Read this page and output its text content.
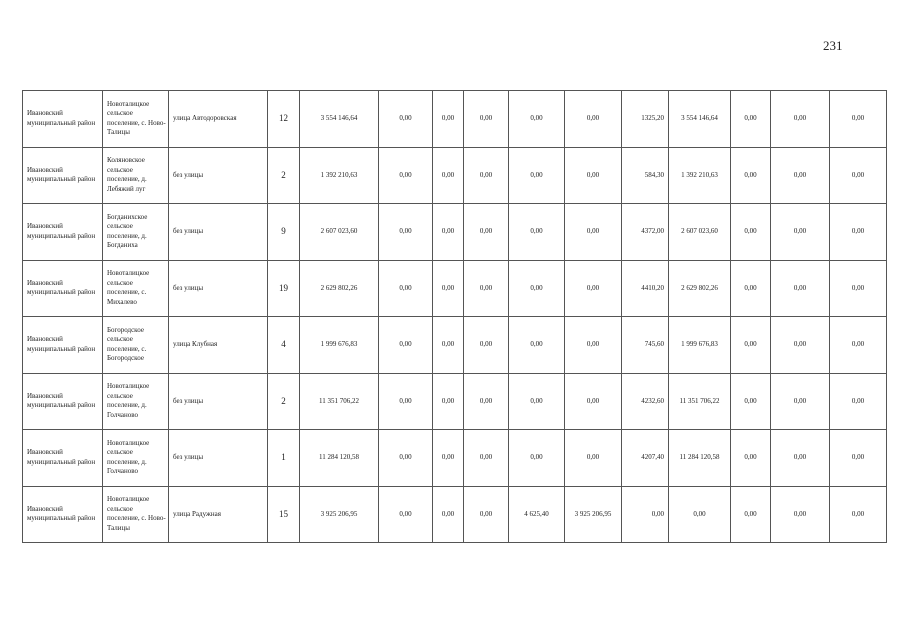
231
Ивановский муниципальный район	Новоталицкое сельское поселение, с. Ново-Талицы	улица Автодоровская	12	3 554 146,64	0,00	0,00	0,00	0,00	0,00	1325,20	3 554 146,64	0,00	0,00	0,00
Ивановский муниципальный район	Коляновское сельское поселение, д. Лебяжий луг	без улицы	2	1 392 210,63	0,00	0,00	0,00	0,00	0,00	584,30	1 392 210,63	0,00	0,00	0,00
Ивановский муниципальный район	Богданихское сельское поселение, д. Богданиха	без улицы	9	2 607 023,60	0,00	0,00	0,00	0,00	0,00	4372,00	2 607 023,60	0,00	0,00	0,00
Ивановский муниципальный район	Новоталицкое сельское поселение, с. Михалево	без улицы	19	2 629 802,26	0,00	0,00	0,00	0,00	0,00	4410,20	2 629 802,26	0,00	0,00	0,00
Ивановский муниципальный район	Богородское сельское поселение, с. Богородское	улица Клубная	4	1 999 676,83	0,00	0,00	0,00	0,00	0,00	745,60	1 999 676,83	0,00	0,00	0,00
Ивановский муниципальный район	Новоталицкое сельское поселение, д. Голчаново	без улицы	2	11 351 706,22	0,00	0,00	0,00	0,00	0,00	4232,60	11 351 706,22	0,00	0,00	0,00
Ивановский муниципальный район	Новоталицкое сельское поселение, д. Голчаново	без улицы	1	11 284 120,58	0,00	0,00	0,00	0,00	0,00	4207,40	11 284 120,58	0,00	0,00	0,00
Ивановский муниципальный район	Новоталицкое сельское поселение, с. Ново-Талицы	улица Радужная	15	3 925 206,95	0,00	0,00	0,00	4 625,40	3 925 206,95	0,00	0,00	0,00	0,00	0,00
